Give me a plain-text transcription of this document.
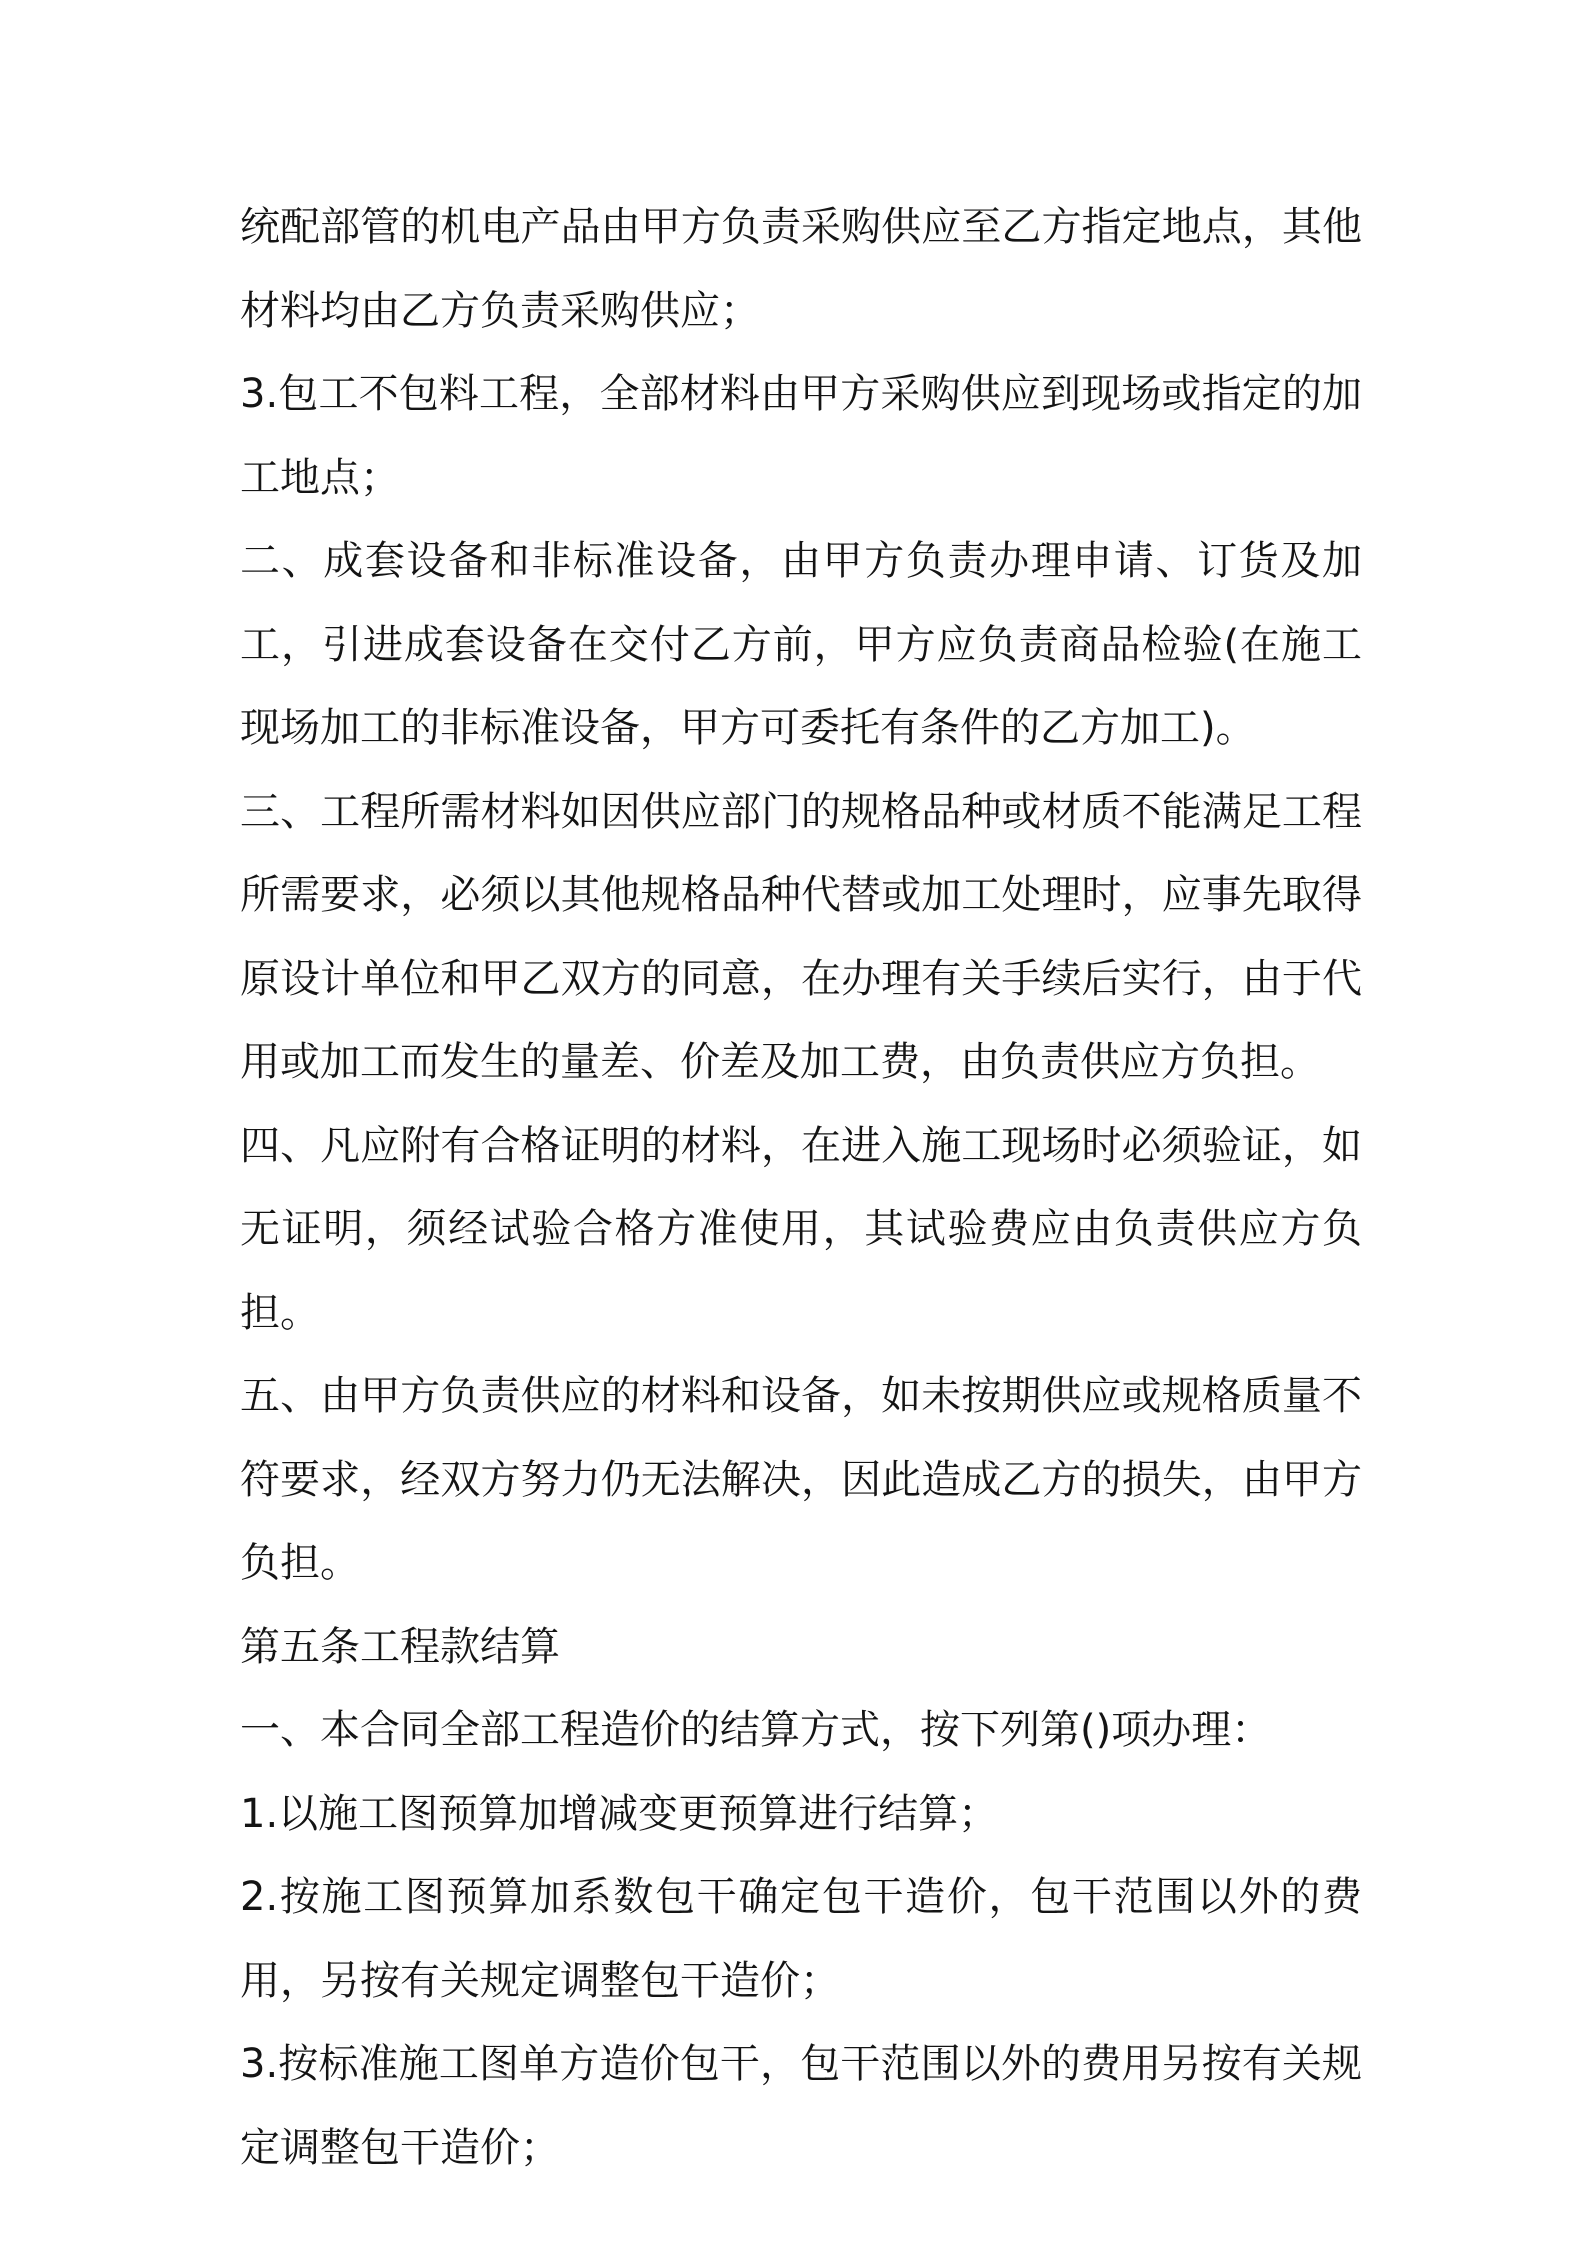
统配部管的机电产品由甲方负责采购供应至乙方指定地点，其他材料均由乙方负责采购供应；

3.包工不包料工程，全部材料由甲方采购供应到现场或指定的加工地点；

二、成套设备和非标准设备，由甲方负责办理申请、订货及加工，引进成套设备在交付乙方前，甲方应负责商品检验(在施工现场加工的非标准设备，甲方可委托有条件的乙方加工)。

三、工程所需材料如因供应部门的规格品种或材质不能满足工程所需要求，必须以其他规格品种代替或加工处理时，应事先取得原设计单位和甲乙双方的同意，在办理有关手续后实行，由于代用或加工而发生的量差、价差及加工费，由负责供应方负担。

四、凡应附有合格证明的材料，在进入施工现场时必须验证，如无证明，须经试验合格方准使用，其试验费应由负责供应方负担。

五、由甲方负责供应的材料和设备，如未按期供应或规格质量不符要求，经双方努力仍无法解决，因此造成乙方的损失，由甲方负担。

第五条工程款结算

一、本合同全部工程造价的结算方式，按下列第()项办理：

1.以施工图预算加增减变更预算进行结算；

2.按施工图预算加系数包干确定包干造价，包干范围以外的费用，另按有关规定调整包干造价；

3.按标准施工图单方造价包干，包干范围以外的费用另按有关规定调整包干造价；
